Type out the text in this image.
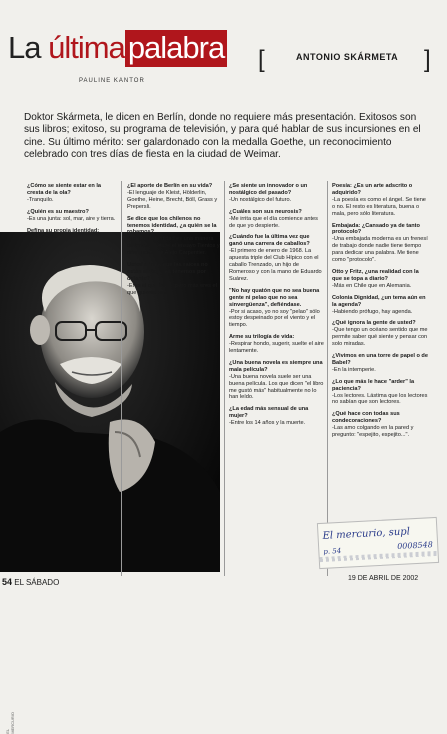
La últimapalabra
PAULINE KANTOR
[	ANTONIO SKÁRMETA ]
Doktor Skármeta, le dicen en Berlín, donde no requiere más presentación. Exitosos son sus libros; exitoso, su programa de televisión, y para qué hablar de sus incursiones en el cine. Su último mérito: ser galardonado con la medalla Goethe, un reconocimiento celebrado con tres días de fiesta en la ciudad de Weimar.
EL MERCURIO

¿Cómo se siente estar en la cresta de la ola?
-Tranquilo.

¿Quién es su maestro?
-Es una junta: sol, mar, aire y tierra.

Defina su propia identidad:
-Joven azin.

¿El aporte de Berlín en su vida?
-El lenguaje de Kleist, Hölderlin, Goethe, Heine, Brecht, Böll, Grass y Prepersli.

Se dice que los chilenos no tenemos identidad, ¿a quién se la robamos?
-No tener identidad es una manera de tenerla. Léase el ensayo Tientos y diferencias, de Alejo Carpentier.

Usted afirma que las raíces no están atrás, ¿las tenemos por delante?
-Eres el que fuiste, pero más eres el que quieres ser.

¿Se siente un innovador o un nostálgico del pasado?
-Un nostálgico del futuro.

¿Cuáles son sus neurosis?
-Me irrita que el día comience antes de que yo despierte.

¿Cuándo fue la última vez que ganó una carrera de caballos?
-El primero de enero de 1968. La apuesta triple del Club Hípico con el caballo Trenzado, un hijo de Romeroso y con la mano de Eduardo Suárez.

"No hay quatón que no sea buena gente ni pelao que no sea sinvergüenza", defiéndase.
-Por si acaso, yo no soy "pelao" sólo estoy despeinado por el viento y el tiempo.

Arme su trilogía de vida:
-Respirar hondo, sugerir, suelte el aire lentamente.

¿Una buena novela es siempre una mala película?
-Una buena novela suele ser una buena película. Los que dicen "el libro me gustó más" habitualmente no lo han leído.

¿La edad más sensual de una mujer?
-Entre los 14 años y la muerte.

Poesía: ¿Es un arte adscrito o adquirido?
-La poesía es como el ángel. Se tiene o no. El resto es literatura, buena o mala, pero sólo literatura.

Embajada: ¿Cansado ya de tanto protocolo?
-Una embajada moderna es un frenesí de trabajo donde nadie tiene tiempo para dedicar una palabra. Me tiene como "protocolo".

Otto y Fritz, ¿una realidad con la que se topa a diario?
-Más en Chile que en Alemania.

Colonia Dignidad, ¿un tema aún en la agenda?
-Habiendo prófugo, hay agenda.

¿Qué ignora la gente de usted?
-Que tengo un océano sentido que me permite saber qué siente y pensar con solo miradas.

¿Vivimos en una torre de papel o de Babel?
-En la intemperie.

¿Lo que más le hace "arder" la paciencia?
-Los lectores. Lástima que los lectores no sabían que son lectores.

¿Qué hace con todas sus condecoraciones?
-Las amo colgando en la pared y pregunto: "espejito, espejito...".

El mercurio, supl
p. 54
0008548
54 EL SÁBADO	19 DE ABRIL DE 2002
